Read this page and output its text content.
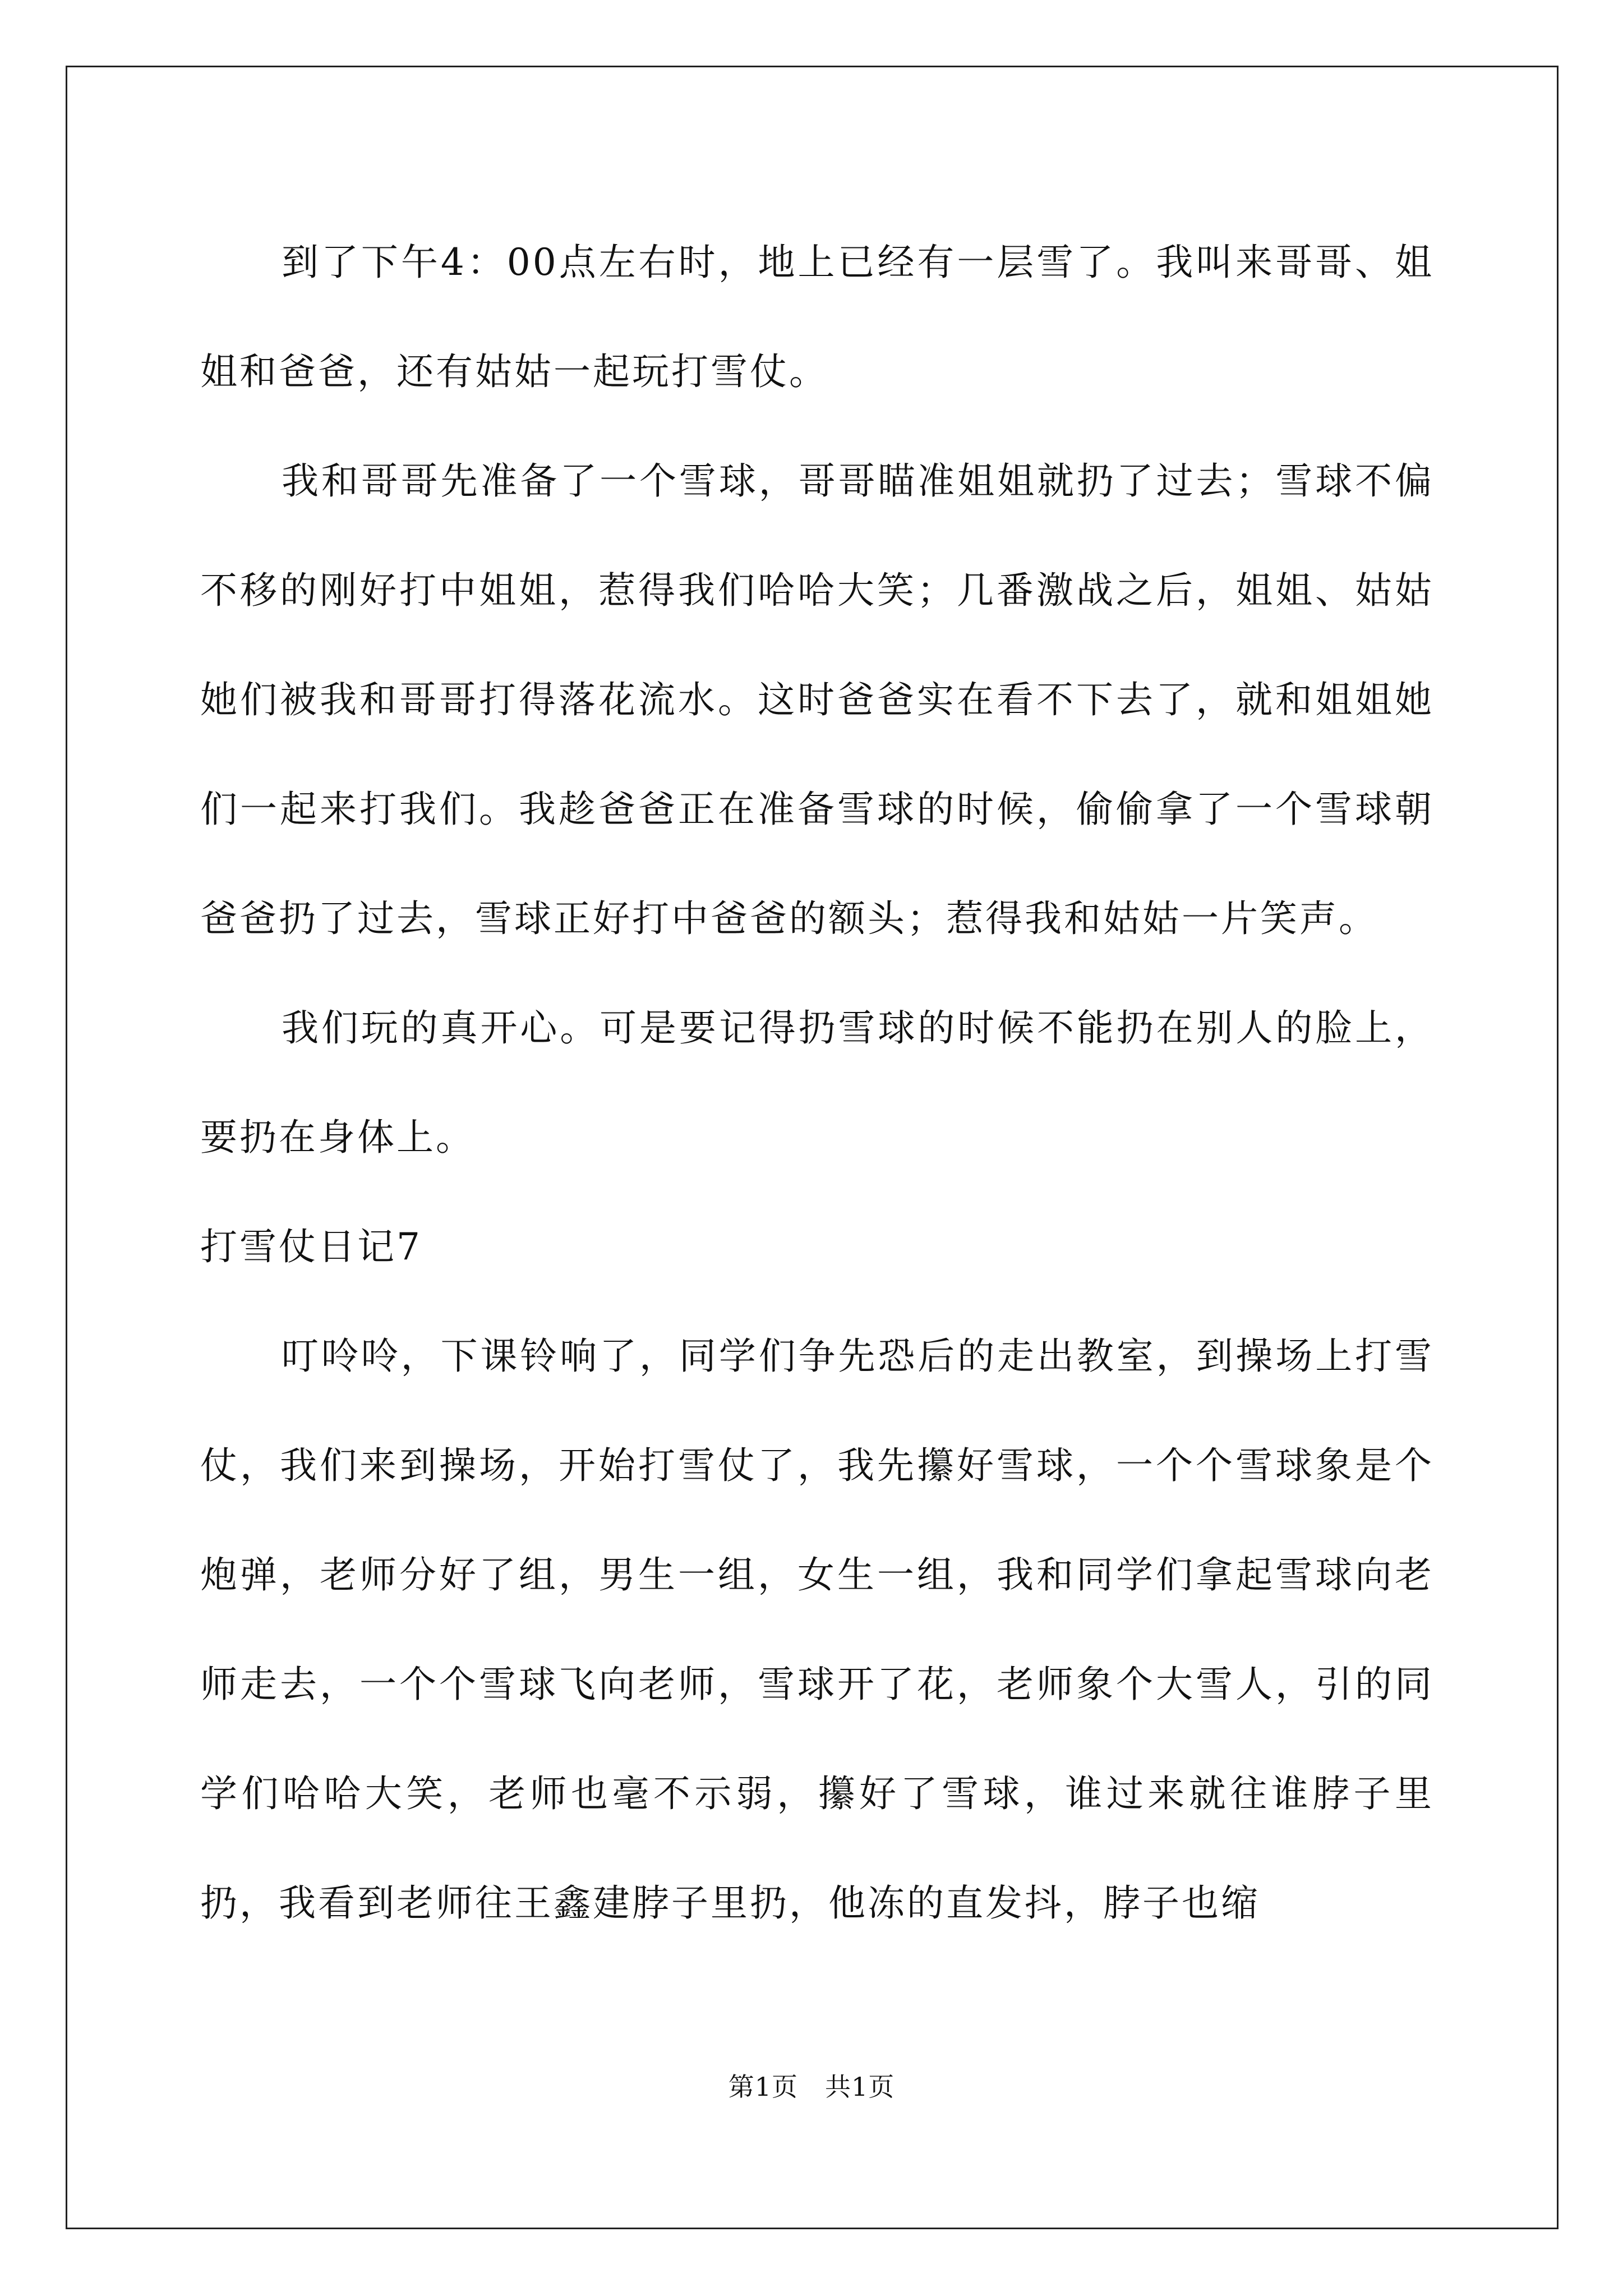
到了下午4：00点左右时，地上已经有一层雪了。我叫来哥哥、姐姐和爸爸，还有姑姑一起玩打雪仗。

我和哥哥先准备了一个雪球，哥哥瞄准姐姐就扔了过去；雪球不偏不移的刚好打中姐姐，惹得我们哈哈大笑；几番激战之后，姐姐、姑姑她们被我和哥哥打得落花流水。这时爸爸实在看不下去了，就和姐姐她们一起来打我们。我趁爸爸正在准备雪球的时候，偷偷拿了一个雪球朝爸爸扔了过去，雪球正好打中爸爸的额头；惹得我和姑姑一片笑声。

我们玩的真开心。可是要记得扔雪球的时候不能扔在别人的脸上，要扔在身体上。

打雪仗日记7

叮呤呤，下课铃响了，同学们争先恐后的走出教室，到操场上打雪仗，我们来到操场，开始打雪仗了，我先攥好雪球，一个个雪球象是个炮弹，老师分好了组，男生一组，女生一组，我和同学们拿起雪球向老师走去，一个个雪球飞向老师，雪球开了花，老师象个大雪人，引的同学们哈哈大笑，老师也毫不示弱，攥好了雪球，谁过来就往谁脖子里扔，我看到老师往王鑫建脖子里扔，他冻的直发抖，脖子也缩

第1页 共1页
